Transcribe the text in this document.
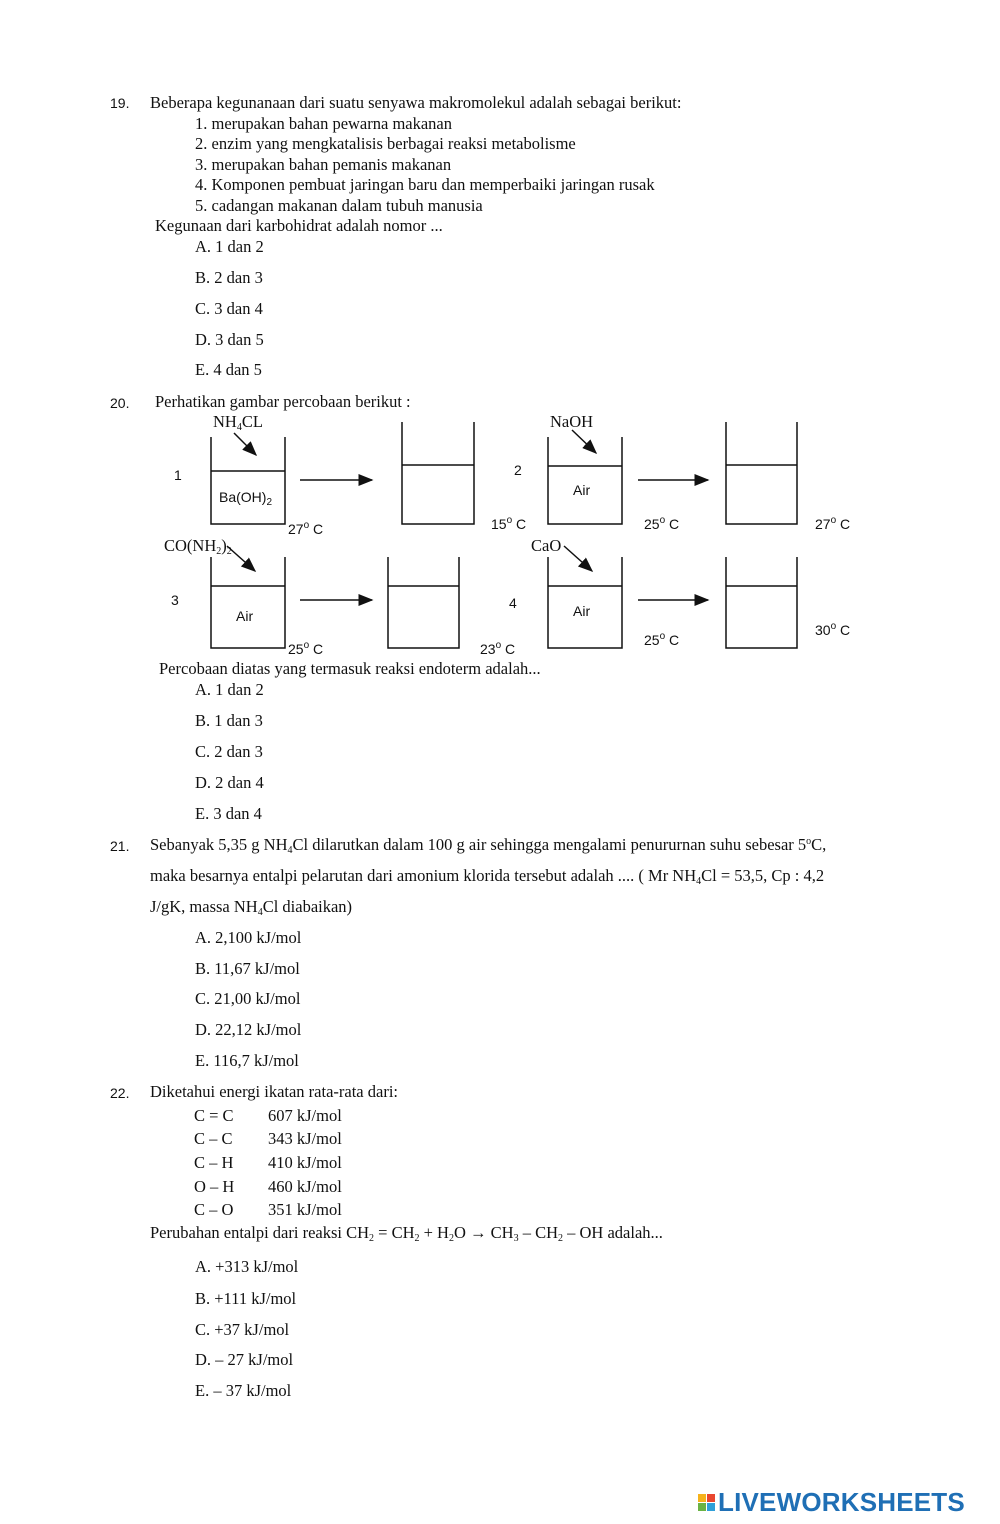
19. Beberapa kegunanaan dari suatu senyawa makromolekul adalah sebagai berikut:
1. merupakan bahan pewarna makanan
2. enzim yang mengkatalisis berbagai reaksi metabolisme
3. merupakan bahan pemanis makanan
4. Komponen pembuat jaringan baru dan memperbaiki jaringan rusak
5. cadangan makanan dalam tubuh manusia
Kegunaan dari karbohidrat adalah nomor ...
A. 1 dan 2
B. 2 dan 3
C. 3 dan 4
D. 3 dan 5
E. 4 dan 5
20. Perhatikan gambar percobaan berikut :
$NH_4CL$
1
$Ba(OH)_2$
27$^o$ C	15$^o$ C
NaOH
2
Air
25$^o$ C	27$^o$ C
$CO(NH_2)_2$
3
Air
25$^o$ C	23$^o$ C
CaO
4	Air
25$^o$ C
30$^o$ C
Percobaan diatas yang termasuk reaksi endoterm adalah...
A. 1 dan 2
B. 1 dan 3
C. 2 dan 3
D. 2 dan 4
E. 3 dan 4
21. Sebanyak 5,35 g $NH_4Cl$ dilarutkan dalam 100 g air sehingga mengalami penururnan suhu sebesar 5$^o$C,
maka besarnya entalpi pelarutan dari amonium klorida tersebut adalah .... ( Mr $NH_4Cl = 53,5$, Cp : 4,2
J/gK, massa $NH_4Cl$ diabaikan)
A. 2,100 kJ/mol
B. 11,67 kJ/mol
C. 21,00 kJ/mol
D. 22,12 kJ/mol
E. 116,7 kJ/mol
22. Diketahui energi ikatan rata-rata dari:
C = C 607 kJ/mol
C – C 343 kJ/mol
C – H 410 kJ/mol
O – H 460 kJ/mol
C – O 351 kJ/mol
Perubahan entalpi dari reaksi $CH_2 = CH_2 + H_2O \to CH_3 - CH_2$ – OH adalah...
A. +313 kJ/mol
B. +111 kJ/mol
C. +37 kJ/mol
D. – 27 kJ/mol
E. – 37 kJ/mol
LIVEWORKSHEETS
